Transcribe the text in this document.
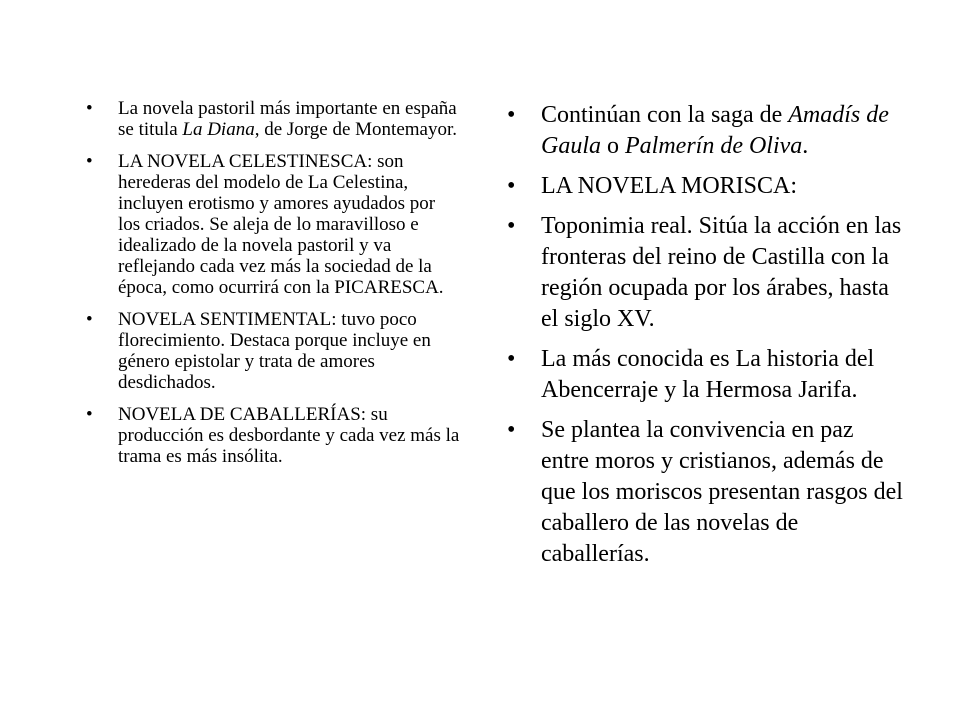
• La novela pastoril más importante en españa se titula La Diana, de Jorge de Montemayor.
• LA NOVELA CELESTINESCA: son herederas del modelo de La Celestina, incluyen erotismo y amores ayudados por los criados. Se aleja de lo maravilloso e idealizado de la novela pastoril y va reflejando cada vez más la sociedad de la época, como ocurrirá con la PICARESCA.
• NOVELA SENTIMENTAL: tuvo poco florecimiento. Destaca porque incluye en género epistolar y trata de amores desdichados.
• NOVELA DE CABALLERÍAS: su producción es desbordante y cada vez más la trama es más insólita.
• Continúan con la saga de Amadís de Gaula o Palmerín de Oliva.
• LA NOVELA MORISCA:
• Toponimia real. Sitúa la acción en las fronteras del reino de Castilla con la región ocupada por los árabes, hasta el siglo XV.
• La más conocida es La historia del Abencerraje y la Hermosa Jarifa.
• Se plantea la convivencia en paz entre moros y cristianos, además de que los moriscos presentan rasgos del caballero de las novelas de caballerías.
